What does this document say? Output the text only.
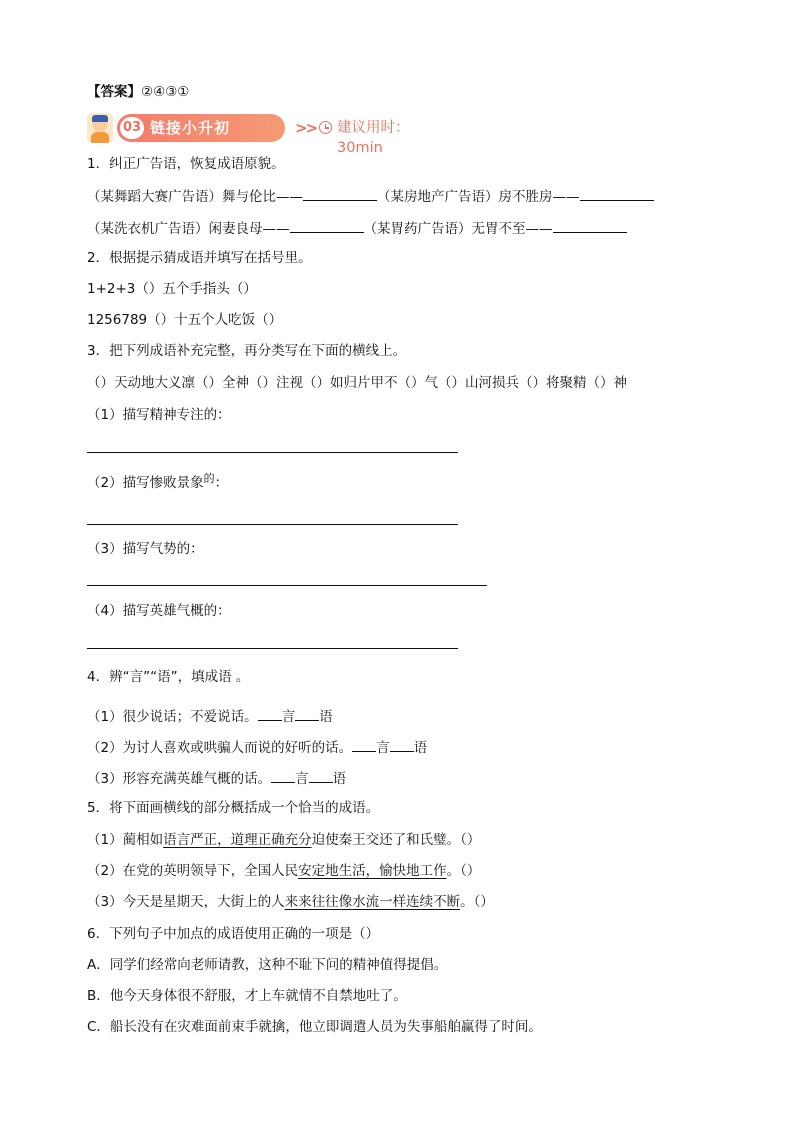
【答案】②④③①
03 链接小升初	>> 建议用时：30min
1．纠正广告语，恢复成语原貌。
（某舞蹈大赛广告语）舞与伦比——	（某房地产广告语）房不胜房——
（某洗衣机广告语）闲妻良母——	（某胃药广告语）无胃不至——
2．根据提示猜成语并填写在括号里。
1+2+3（）五个手指头（）
1256789（）十五个人吃饭（）
3．把下列成语补充完整，再分类写在下面的横线上。
（）天动地大义凛（）全神（）注视（）如归片甲不（）气（）山河损兵（）将聚精（）神
（1）描写精神专注的：
（2）描写惨败景象$^的$：
（3）描写气势的：
（4）描写英雄气概的：
4．辨“言”“语”，填成语 。
（1）很少说话；不爱说话。 言 语
（2）为讨人喜欢或哄骗人而说的好听的话。 言 语
（3）形容充满英雄气概的话。 言 语
5．将下面画横线的部分概括成一个恰当的成语。
（1）蔺相如语言严正，道理正确充分迫使秦王交还了和氏璧。（）
（2）在党的英明领导下，全国人民安定地生活，愉快地工作。（）
（3）今天是星期天，大街上的人来来往往像水流一样连续不断。（）
6．下列句子中加点的成语使用正确的一项是（）
A．同学们经常向老师请教，这种不耻下问的精神值得提倡。
B．他今天身体很不舒服，才上车就情不自禁地吐了。
C．船长没有在灾难面前束手就擒，他立即调遣人员为失事船舶赢得了时间。
